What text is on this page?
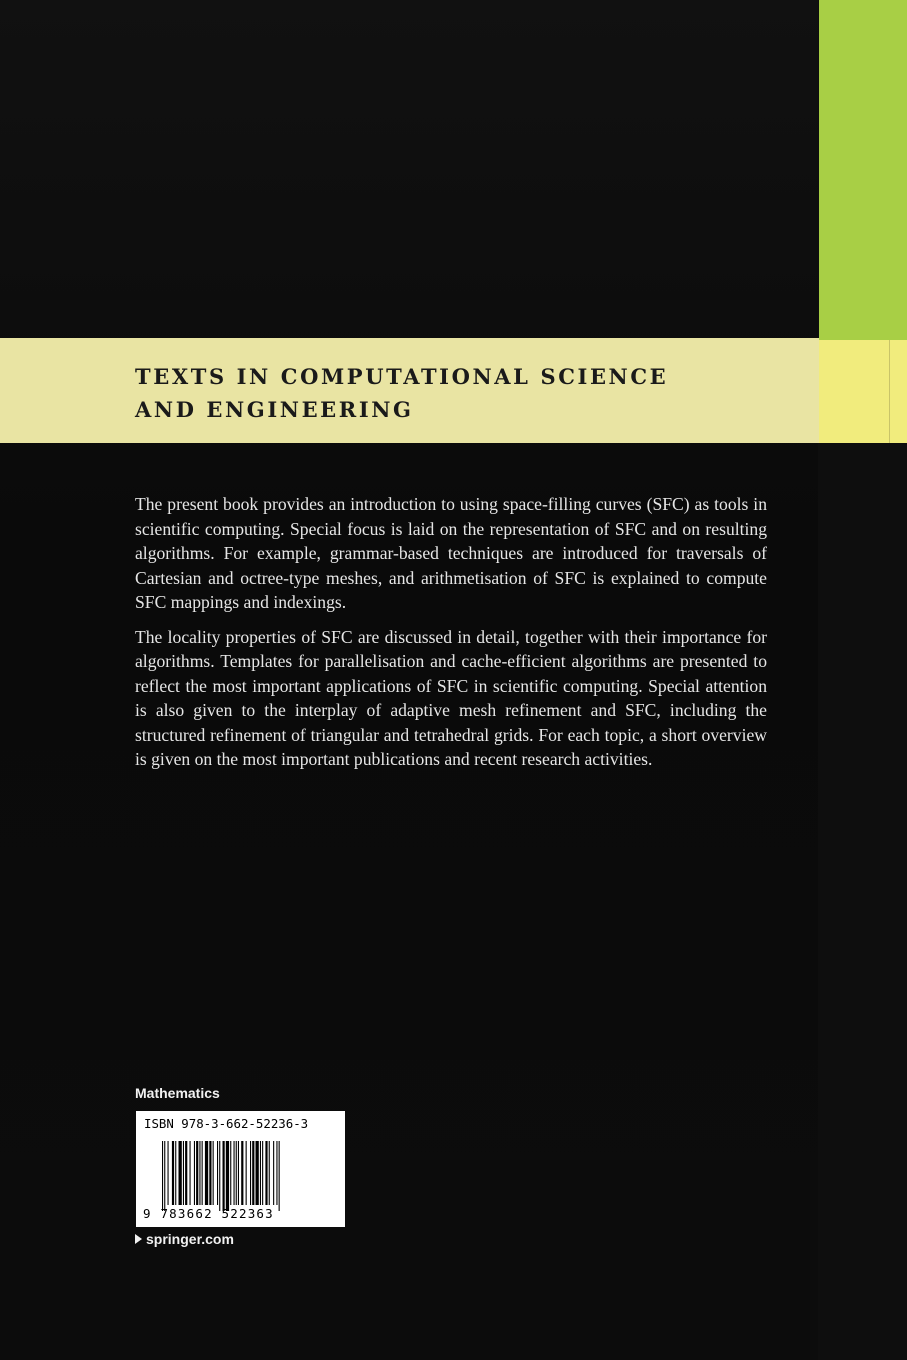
TEXTS IN COMPUTATIONAL SCIENCE
AND ENGINEERING

The present book provides an introduction to using space-filling curves (SFC) as tools in scientific computing. Special focus is laid on the representation of SFC and on resulting algorithms. For example, grammar-based techniques are introduced for traversals of Cartesian and octree-type meshes, and arithmetisation of SFC is explained to compute SFC mappings and indexings.

The locality properties of SFC are discussed in detail, together with their importance for algorithms. Templates for parallelisation and cache-efficient algorithms are presented to reflect the most important applications of SFC in scientific computing. Special attention is also given to the interplay of adaptive mesh refinement and SFC, including the structured refinement of triangular and tetrahedral grids. For each topic, a short overview is given on the most important publications and recent research activities.

Mathematics
ISBN 978-3-662-52236-3
9 783662 522363
springer.com
